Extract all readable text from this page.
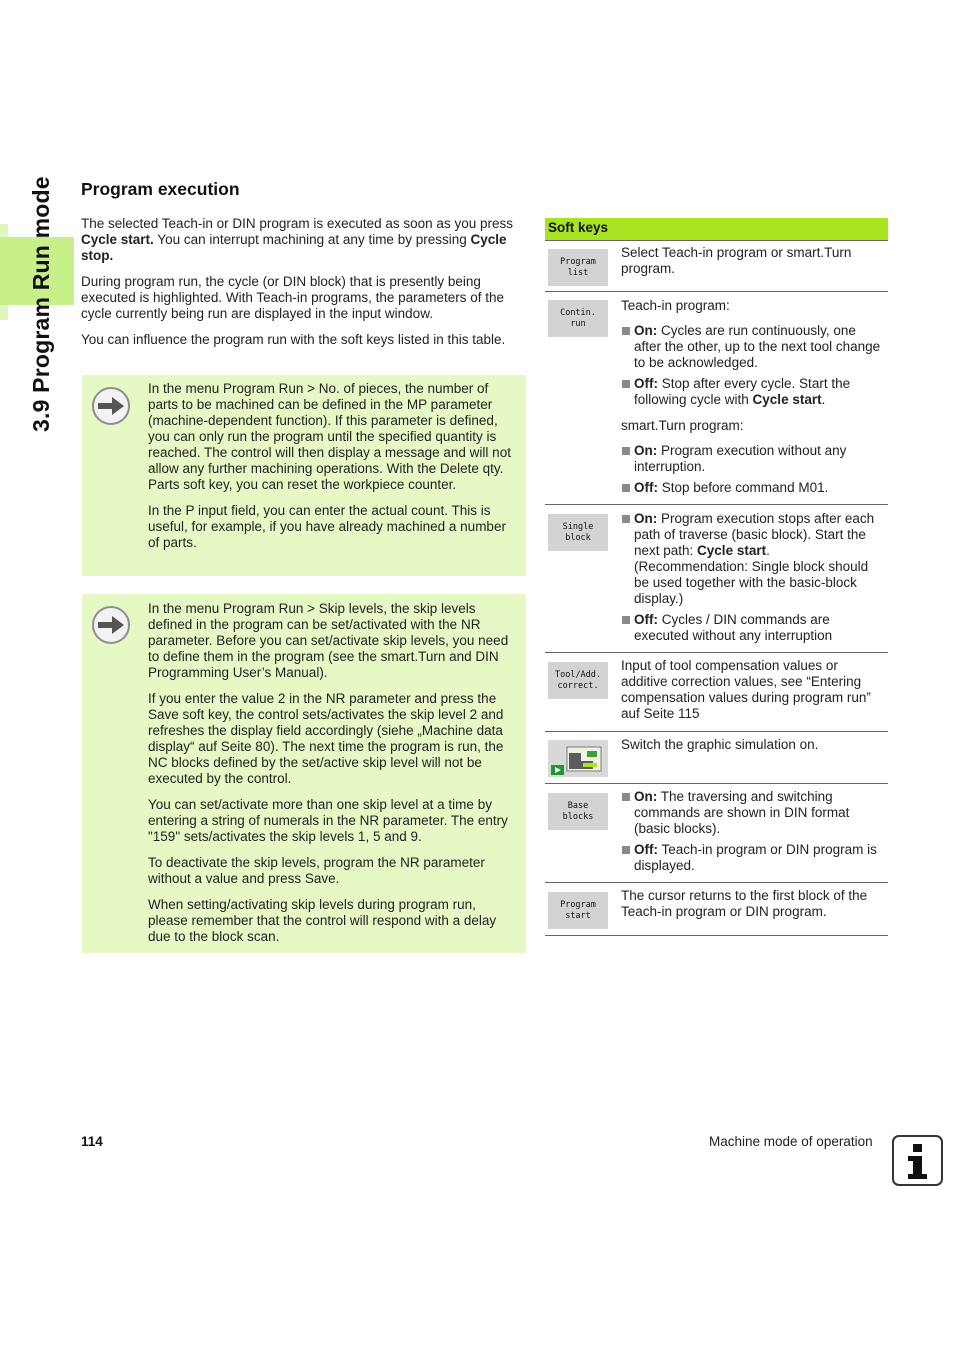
3.9 Program Run mode Program execution
The selected Teach-in or DIN program is executed as soon as you press Cycle start. You can interrupt machining at any time by pressing Cycle stop.
During program run, the cycle (or DIN block) that is presently being executed is highlighted. With Teach-in programs, the parameters of the cycle currently being run are displayed in the input window.
You can influence the program run with the soft keys listed in this table.

In the menu Program Run > No. of pieces, the number of parts to be machined can be defined in the MP parameter (machine-dependent function). If this parameter is defined, you can only run the program until the specified quantity is reached. The control will then display a message and will not allow any further machining operations. With the Delete qty. Parts soft key, you can reset the workpiece counter.

In the P input field, you can enter the actual count. This is useful, for example, if you have already machined a number of parts.

In the menu Program Run > Skip levels, the skip levels defined in the program can be set/activated with the NR parameter. Before you can set/activate skip levels, you need to define them in the program (see the smart.Turn and DIN Programming User’s Manual).

If you enter the value 2 in the NR parameter and press the Save soft key, the control sets/activates the skip level 2 and refreshes the display field accordingly (siehe „Machine data display“ auf Seite 80). The next time the program is run, the NC blocks defined by the set/active skip level will not be executed by the control.

You can set/activate more than one skip level at a time by entering a string of numerals in the NR parameter. The entry "159" sets/activates the skip levels 1, 5 and 9.

To deactivate the skip levels, program the NR parameter without a value and press Save.

When setting/activating skip levels during program run, please remember that the control will respond with a delay due to the block scan.

Soft keys
Program
list
Select Teach-in program or smart.Turn program.
Contin.
run

Teach-in program:

On: Cycles are run continuously, one after the other, up to the next tool change to be acknowledged.
Off: Stop after every cycle. Start the following cycle with Cycle start.

smart.Turn program:

On: Program execution without any interruption.
Off: Stop before command M01.
Single
block
On: Program execution stops after each path of traverse (basic block). Start the next path: Cycle start. (Recommendation: Single block should be used together with the basic-block display.)
Off: Cycles / DIN commands are executed without any interruption
Tool/Add.
correct.
Input of tool compensation values or additive correction values, see “Entering compensation values during program run” auf Seite 115
Switch the graphic simulation on.
Base
blocks
On: The traversing and switching commands are shown in DIN format (basic blocks).
Off: Teach-in program or DIN program is displayed.
Program
start
The cursor returns to the first block of the Teach-in program or DIN program.
114	Machine mode of operation
